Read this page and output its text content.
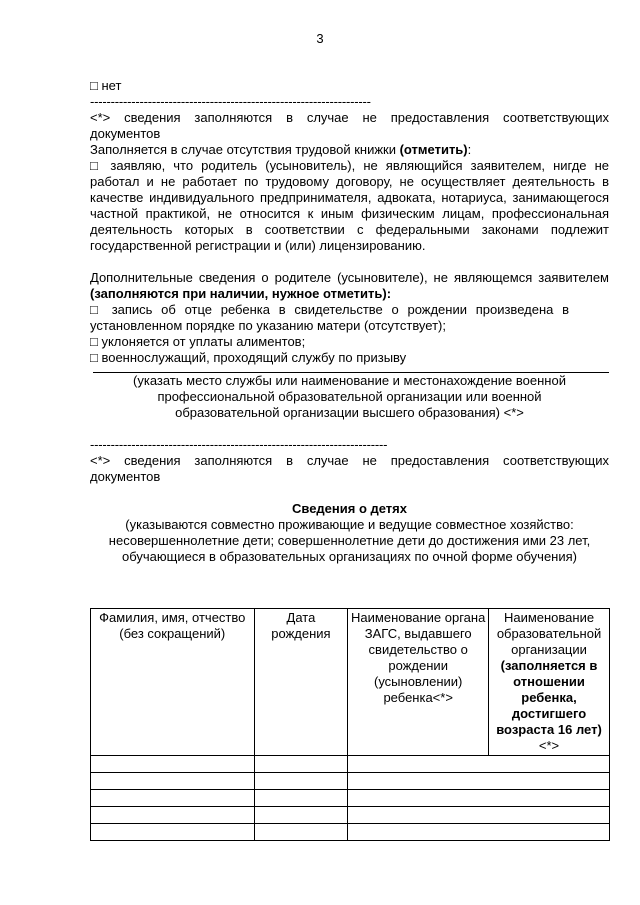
3

□ нет

--------------------------------------------------------------------

<*> сведения заполняются в случае не предоставления соответствующих документов

Заполняется в случае отсутствия трудовой книжки (отметить):

□ заявляю, что родитель (усыновитель), не являющийся заявителем, нигде не работал и не работает по трудовому договору, не осуществляет деятельность в качестве индивидуального предпринимателя, адвоката, нотариуса, занимающегося частной практикой, не относится к иным физическим лицам, профессиональная деятельность которых в соответствии с федеральными законами подлежит государственной регистрации и (или) лицензированию.

Дополнительные сведения о родителе (усыновителе), не являющемся заявителем (заполняются при наличии, нужное отметить):

□ запись об отце ребенка в свидетельстве о рождении произведена в установленном порядке по указанию матери (отсутствует);

□ уклоняется от уплаты алиментов;

□ военнослужащий, проходящий службу по призыву

(указать место службы или наименование и местонахождение военной профессиональной образовательной организации или военной образовательной организации высшего образования) <*>

------------------------------------------------------------------------

<*> сведения заполняются в случае не предоставления соответствующих документов

Сведения о детях

(указываются совместно проживающие и ведущие совместное хозяйство: несовершеннолетние дети; совершеннолетние дети до достижения ими 23 лет, обучающиеся в образовательных организациях по очной форме обучения)

Фамилия, имя, отчество (без сокращений)	Дата рождения	Наименование органа ЗАГС, выдавшего свидетельство о рождении (усыновлении) ребенка<*>	Наименование образовательной организации (заполняется в отношении ребенка, достигшего возраста 16 лет)<*>
